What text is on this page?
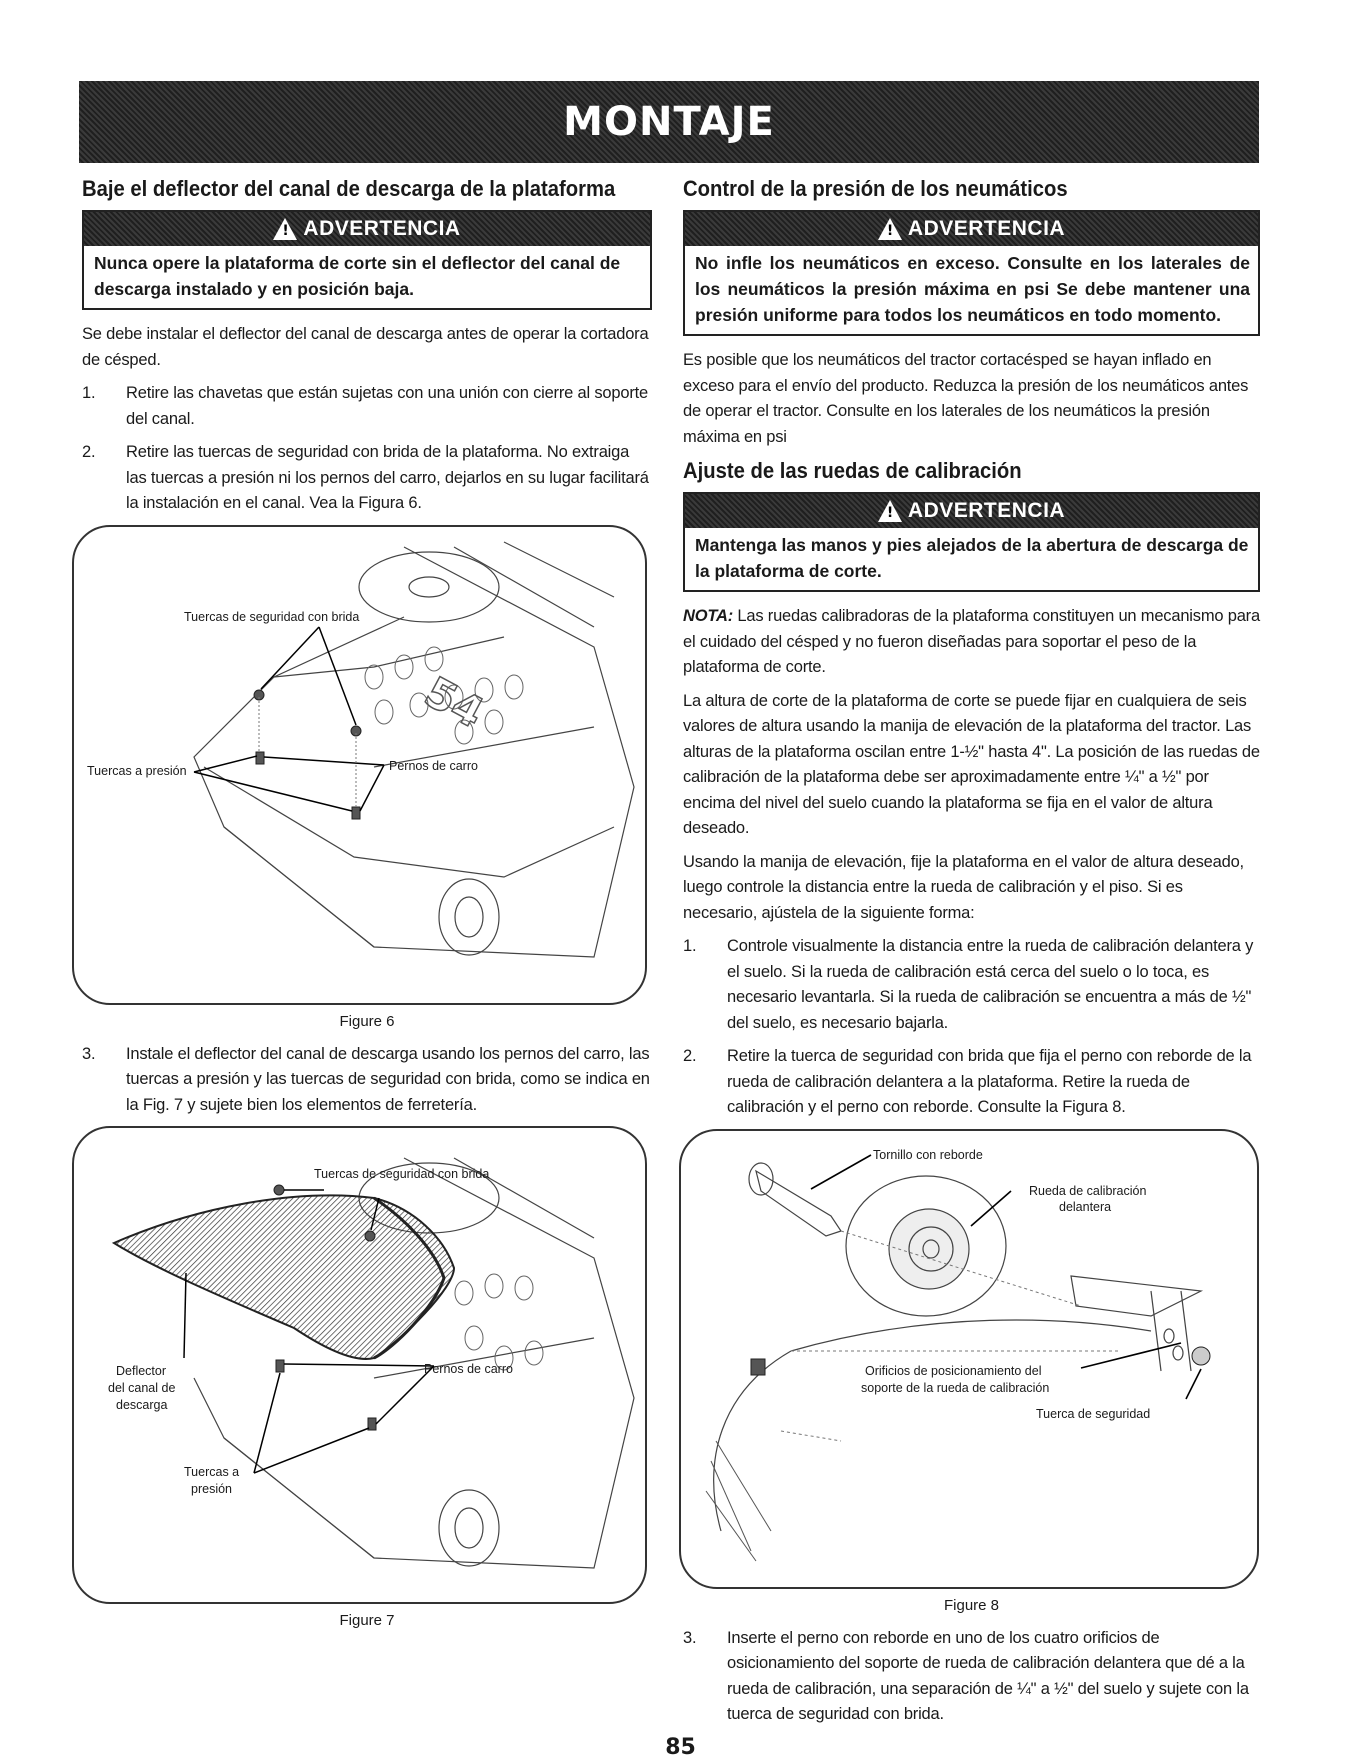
MONTAJE
Baje el deflector del canal de descarga de la plataforma
!
ADVERTENCIA
Nunca opere la plataforma de corte sin el deflector del canal de descarga instalado y en posición baja.

Se debe instalar el deflector del canal de descarga antes de operar la cortadora de césped.

1.	Retire las chavetas que están sujetas con una unión con cierre al soporte del canal.
2.	Retire las tuercas de seguridad con brida de la plataforma. No extraiga las tuercas a presión ni los pernos del carro, dejarlos en su lugar facilitará la instalación en el canal. Vea la Figura 6.
54
Tuercas de seguridad con brida
Tuercas a presión	Pernos de carro
Figure 6
3.	Instale el deflector del canal de descarga usando los pernos del carro, las tuercas a presión y las tuercas de seguridad con brida, como se indica en la Fig. 7 y sujete bien los elementos de ferretería.
Tuercas de seguridad con brida
Deflector
del canal de
descarga
Pernos de carro
Tuercas a
presión
Figure 7
Control de la presión de los neumáticos
!
ADVERTENCIA
No infle los neumáticos en exceso. Consulte en los laterales de los neumáticos la presión máxima en psi Se debe mantener una presión uniforme para todos los neumáticos en todo momento.

Es posible que los neumáticos del tractor cortacésped se hayan inflado en exceso para el envío del producto. Reduzca la presión de los neumáticos antes de operar el tractor. Consulte en los laterales de los neumáticos la presión máxima en psi

Ajuste de las ruedas de calibración
!
ADVERTENCIA
Mantenga las manos y pies alejados de la abertura de descarga de la plataforma de corte.

NOTA: Las ruedas calibradoras de la plataforma constituyen un mecanismo para el cuidado del césped y no fueron diseñadas para soportar el peso de la plataforma de corte.

La altura de corte de la plataforma de corte se puede fijar en cualquiera de seis valores de altura usando la manija de elevación de la plataforma del tractor. Las alturas de la plataforma oscilan entre 1-½" hasta 4". La posición de las ruedas de calibración de la plataforma debe ser aproximadamente entre ¼" a ½" por encima del nivel del suelo cuando la plataforma se fija en el valor de altura deseado.

Usando la manija de elevación, fije la plataforma en el valor de altura deseado, luego controle la distancia entre la rueda de calibración y el piso. Si es necesario, ajústela de la siguiente forma:

1.	Controle visualmente la distancia entre la rueda de calibración delantera y el suelo. Si la rueda de calibración está cerca del suelo o lo toca, es necesario levantarla. Si la rueda de calibración se encuentra a más de ½" del suelo, es necesario bajarla.
2.	Retire la tuerca de seguridad con brida que fija el perno con reborde de la rueda de calibración delantera a la plataforma. Retire la rueda de calibración y el perno con reborde. Consulte la Figura 8.
Tornillo con reborde
Rueda de calibración
delantera
Orificios de posicionamiento del
soporte de la rueda de calibración
Tuerca de seguridad
Figure 8
3.	Inserte el perno con reborde en uno de los cuatro orificios de osicionamiento del soporte de rueda de calibración delantera que dé a la rueda de calibración, una separación de ¼" a ½" del suelo y sujete con la tuerca de seguridad con brida.
85
